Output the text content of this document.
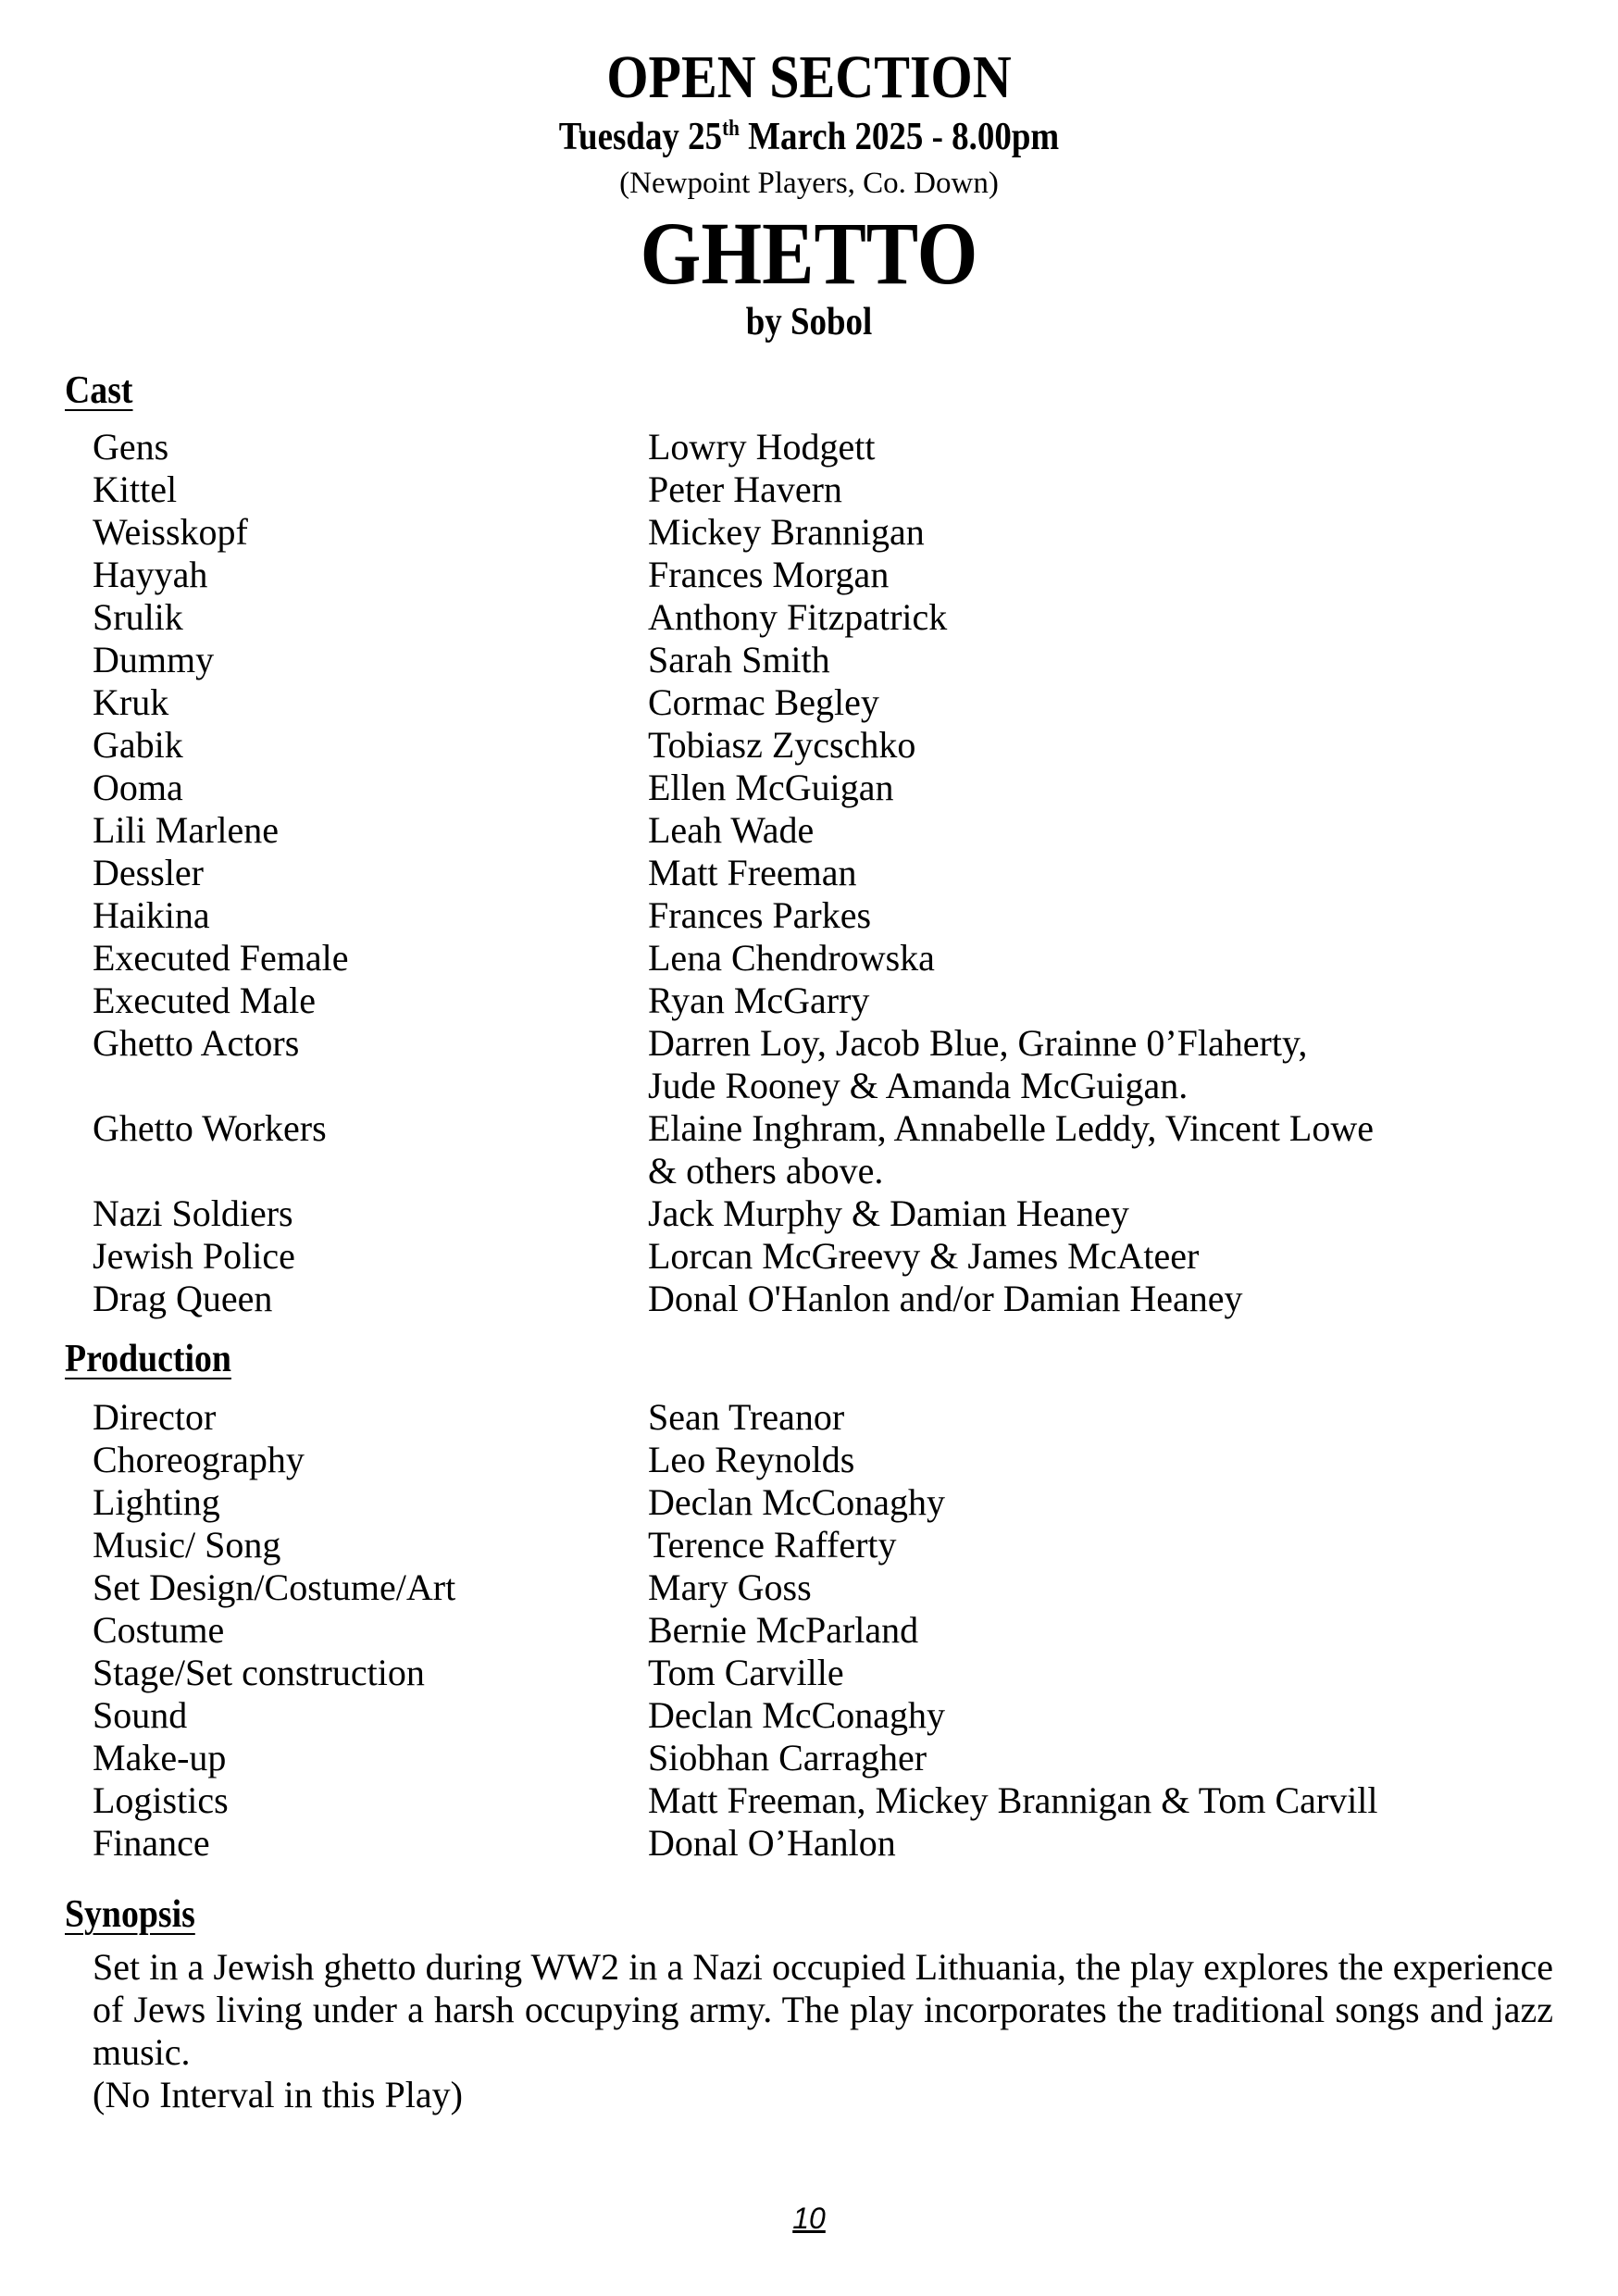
OPEN SECTION
Tuesday 25th March 2025 - 8.00pm
(Newpoint Players, Co. Down)
GHETTO
by Sobol
Cast
Gens	Lowry Hodgett
Kittel	Peter Havern
Weisskopf	Mickey Brannigan
Hayyah	Frances Morgan
Srulik	Anthony Fitzpatrick
Dummy	Sarah Smith
Kruk	Cormac Begley
Gabik	Tobiasz Zycschko
Ooma	Ellen McGuigan
Lili Marlene	Leah Wade
Dessler	Matt Freeman
Haikina	Frances Parkes
Executed Female	Lena Chendrowska
Executed Male	Ryan McGarry
Ghetto Actors	Darren Loy, Jacob Blue, Grainne 0’Flaherty,
Jude Rooney & Amanda McGuigan.
Ghetto Workers	Elaine Inghram, Annabelle Leddy, Vincent Lowe
& others above.
Nazi Soldiers	Jack Murphy & Damian Heaney
Jewish Police	Lorcan McGreevy & James McAteer
Drag Queen	Donal O'Hanlon and/or Damian Heaney
Production
Director	Sean Treanor
Choreography	Leo Reynolds
Lighting	Declan McConaghy
Music/ Song	Terence Rafferty
Set Design/Costume/Art	Mary Goss
Costume	Bernie McParland
Stage/Set construction	Tom Carville
Sound	Declan McConaghy
Make-up	Siobhan Carragher
Logistics	Matt Freeman, Mickey Brannigan & Tom Carvill
Finance	Donal O’Hanlon
Synopsis
Set in a Jewish ghetto during WW2 in a Nazi occupied Lithuania, the play explores the experience of Jews living under a harsh occupying army. The play incorporates the traditional songs and jazz music.
(No Interval in this Play)
10
